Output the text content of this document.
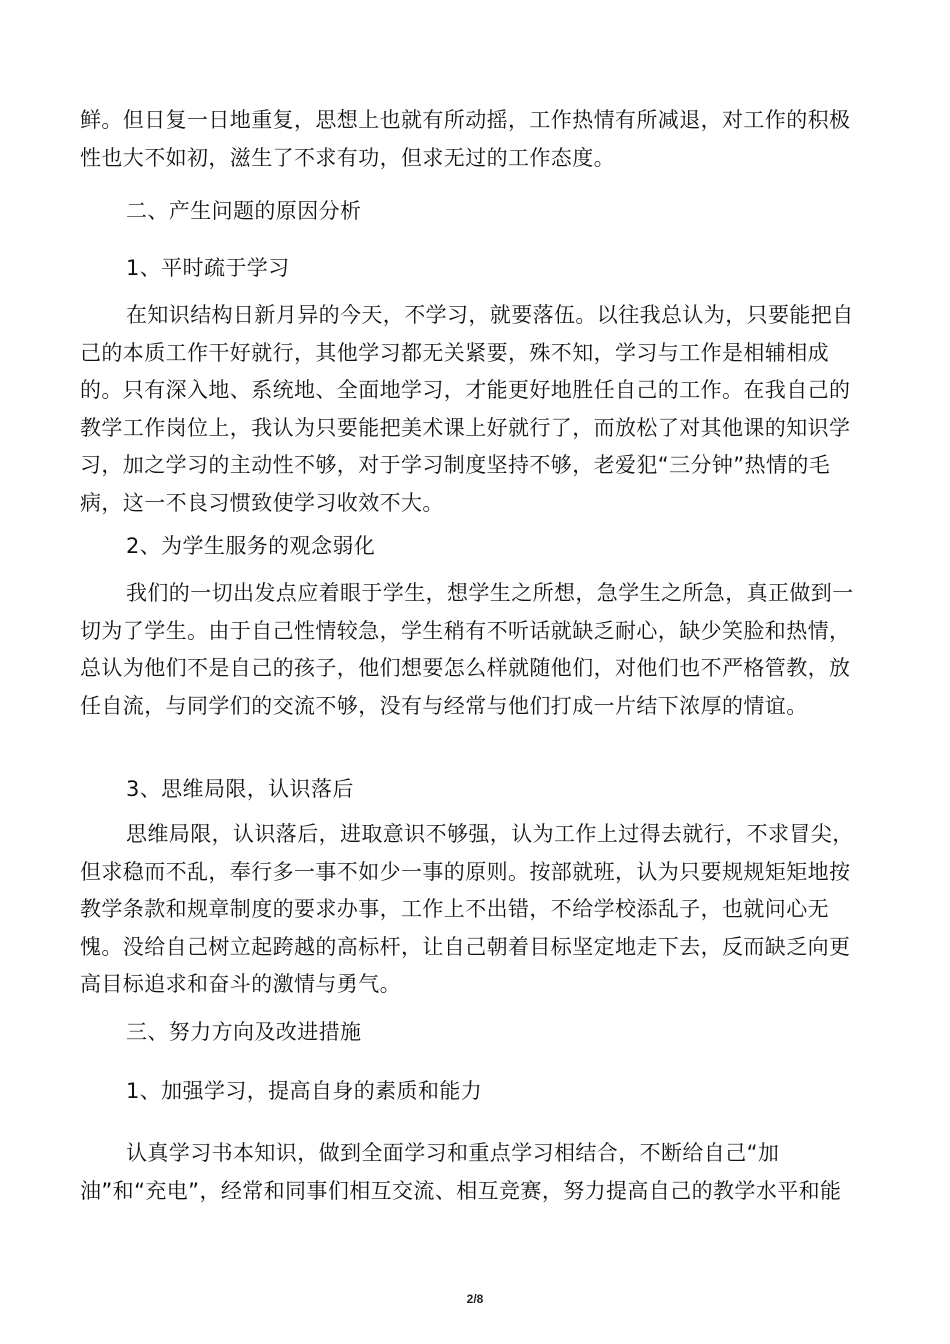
鲜。但日复一日地重复，思想上也就有所动摇，工作热情有所减退，对工作的积极性也大不如初，滋生了不求有功，但求无过的工作态度。

二、产生问题的原因分析

1、平时疏于学习

在知识结构日新月异的今天，不学习，就要落伍。以往我总认为，只要能把自己的本质工作干好就行，其他学习都无关紧要，殊不知，学习与工作是相辅相成的。只有深入地、系统地、全面地学习，才能更好地胜任自己的工作。在我自己的教学工作岗位上，我认为只要能把美术课上好就行了，而放松了对其他课的知识学习，加之学习的主动性不够，对于学习制度坚持不够，老爱犯“三分钟”热情的毛病，这一不良习惯致使学习收效不大。

2、为学生服务的观念弱化

我们的一切出发点应着眼于学生，想学生之所想，急学生之所急，真正做到一切为了学生。由于自己性情较急，学生稍有不听话就缺乏耐心，缺少笑脸和热情，总认为他们不是自己的孩子，他们想要怎么样就随他们，对他们也不严格管教，放任自流，与同学们的交流不够，没有与经常与他们打成一片结下浓厚的情谊。

3、思维局限，认识落后

思维局限，认识落后，进取意识不够强，认为工作上过得去就行，不求冒尖，但求稳而不乱，奉行多一事不如少一事的原则。按部就班，认为只要规规矩矩地按教学条款和规章制度的要求办事，工作上不出错，不给学校添乱子，也就问心无愧。没给自己树立起跨越的高标杆，让自己朝着目标坚定地走下去，反而缺乏向更高目标追求和奋斗的激情与勇气。

三、努力方向及改进措施

1、加强学习，提高自身的素质和能力

认真学习书本知识，做到全面学习和重点学习相结合，不断给自己“加油”和“充电”，经常和同事们相互交流、相互竞赛，努力提高自己的教学水平和能

2/8
